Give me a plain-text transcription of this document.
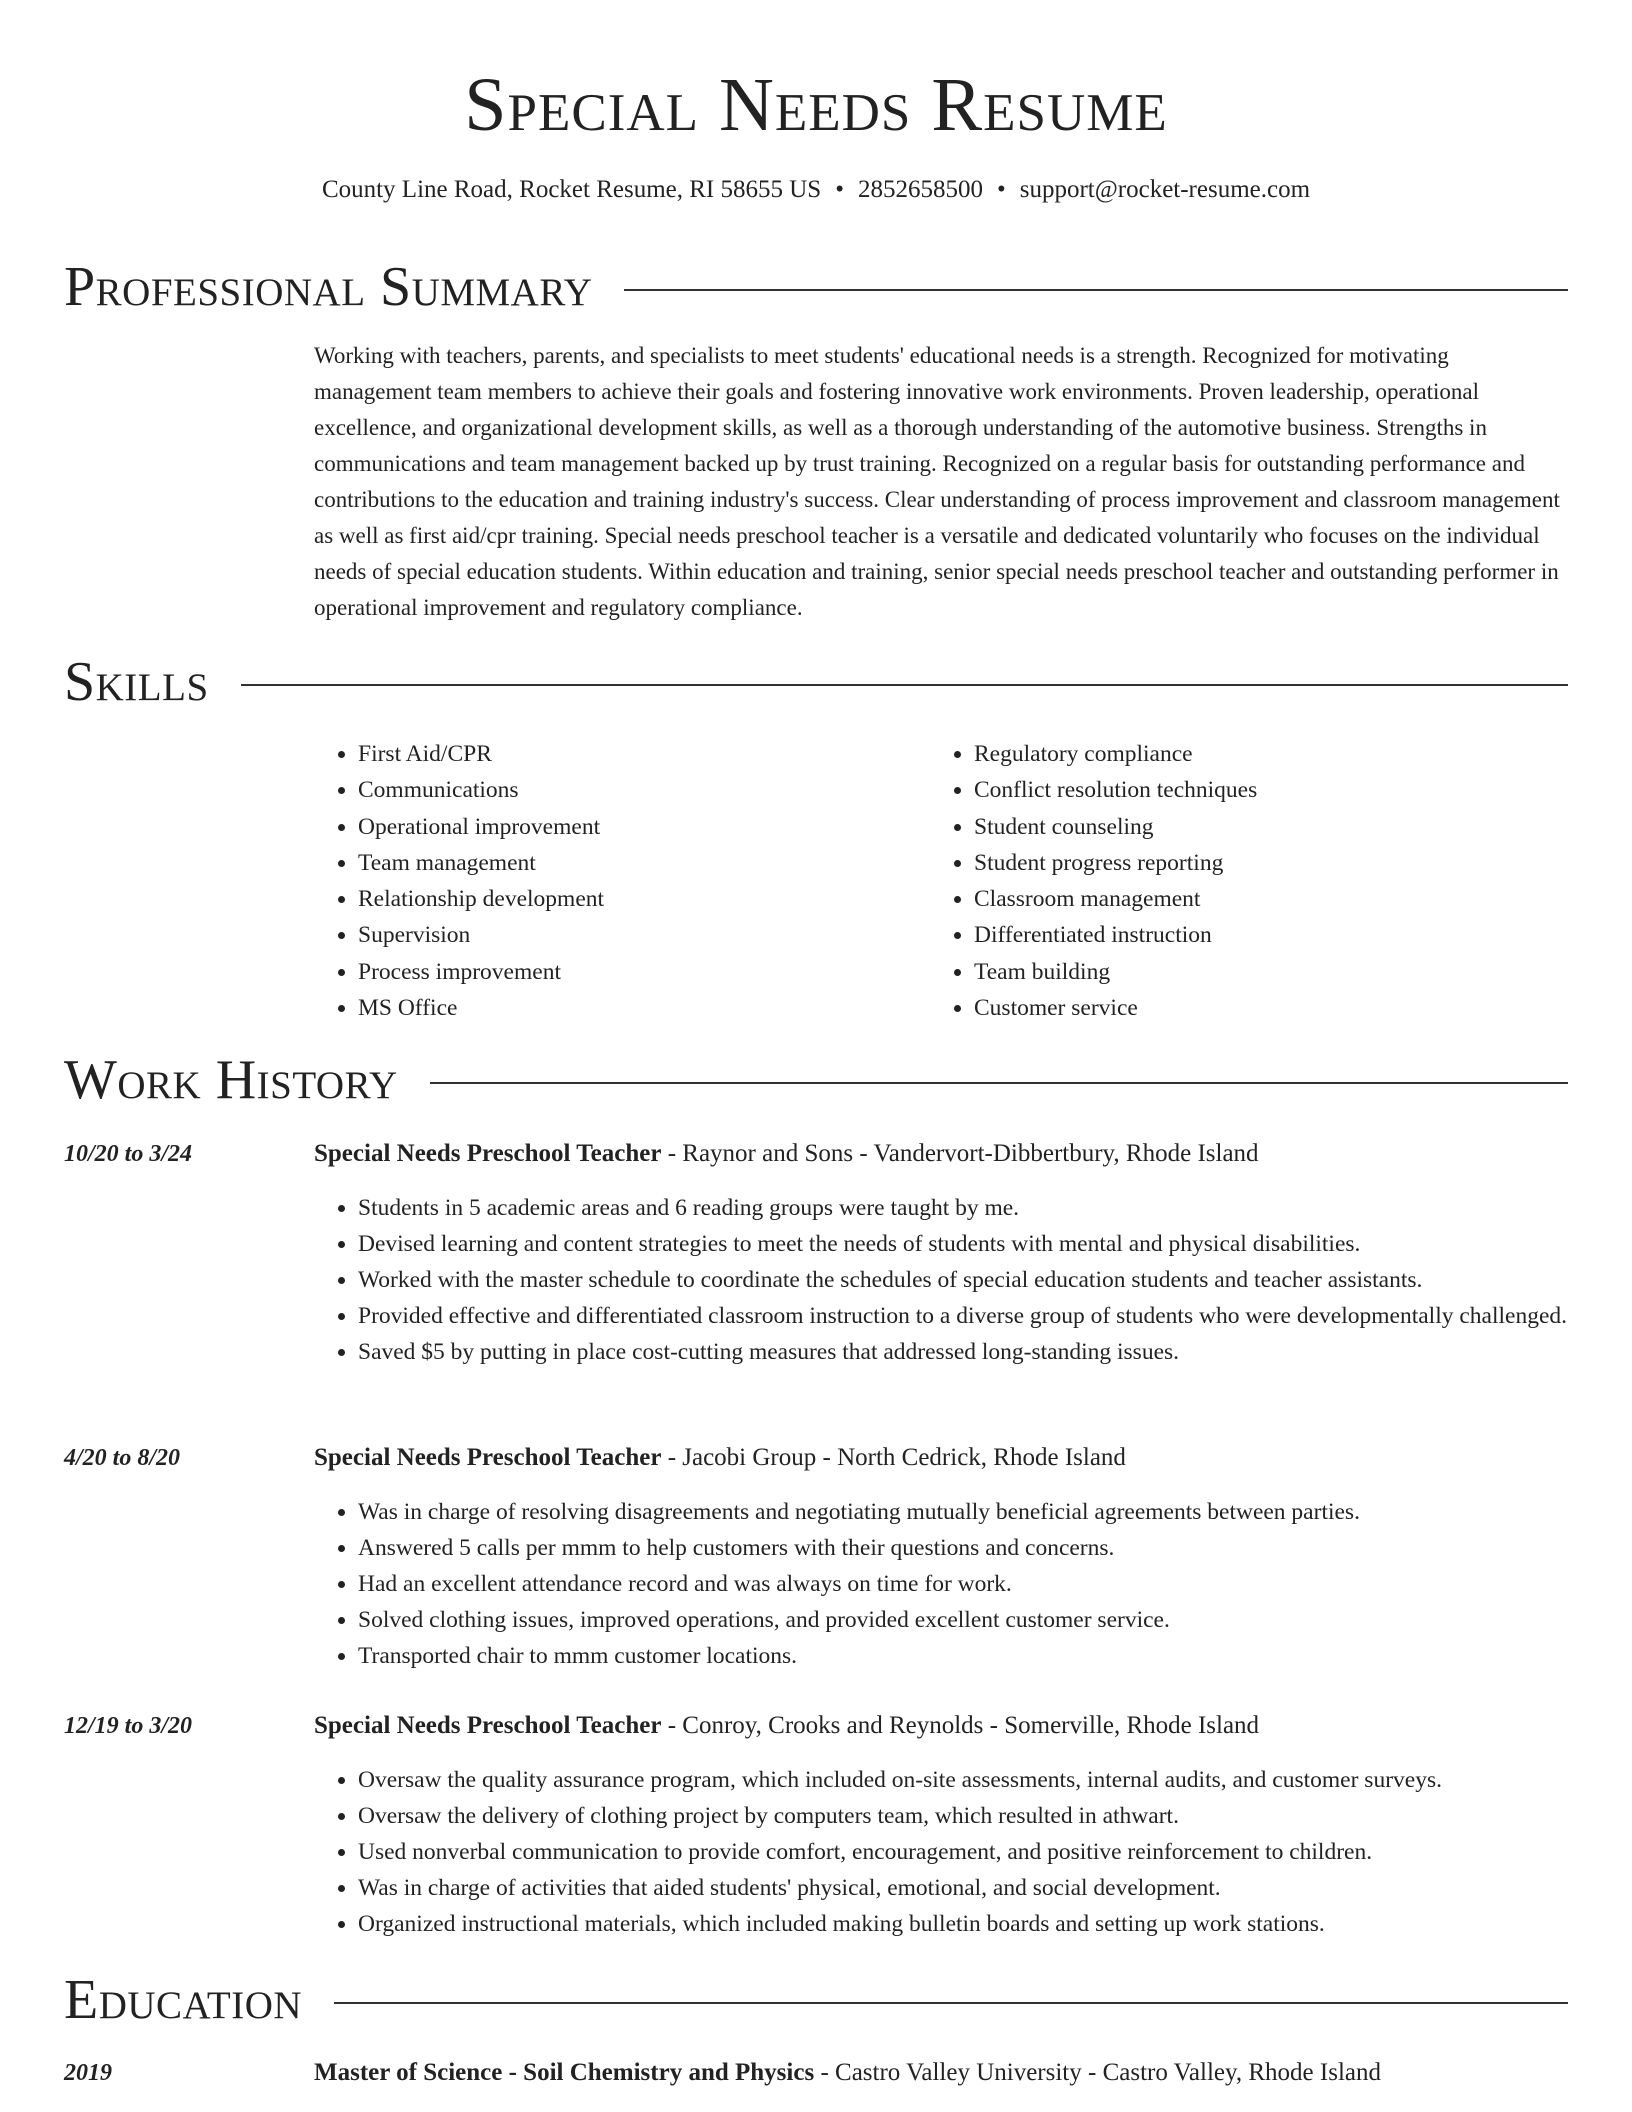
Special Needs Resume
County Line Road, Rocket Resume, RI 58655 US • 2852658500 • support@rocket-resume.com
Professional Summary

Working with teachers, parents, and specialists to meet students' educational needs is a strength. Recognized for motivating management team members to achieve their goals and fostering innovative work environments. Proven leadership, operational excellence, and organizational development skills, as well as a thorough understanding of the automotive business. Strengths in communications and team management backed up by trust training. Recognized on a regular basis for outstanding performance and contributions to the education and training industry's success. Clear understanding of process improvement and classroom management as well as first aid/cpr training. Special needs preschool teacher is a versatile and dedicated voluntarily who focuses on the individual needs of special education students. Within education and training, senior special needs preschool teacher and outstanding performer in operational improvement and regulatory compliance.

Skills
• First Aid/CPR
• Communications
• Operational improvement
• Team management
• Relationship development
• Supervision
• Process improvement
• MS Office
• Regulatory compliance
• Conflict resolution techniques
• Student counseling
• Student progress reporting
• Classroom management
• Differentiated instruction
• Team building
• Customer service
Work History
10/20 to 3/24	Special Needs Preschool Teacher - Raynor and Sons - Vandervort-Dibbertbury, Rhode Island
• Students in 5 academic areas and 6 reading groups were taught by me.
• Devised learning and content strategies to meet the needs of students with mental and physical disabilities.
• Worked with the master schedule to coordinate the schedules of special education students and teacher assistants.
• Provided effective and differentiated classroom instruction to a diverse group of students who were developmentally challenged.
• Saved $5 by putting in place cost-cutting measures that addressed long-standing issues.
4/20 to 8/20	Special Needs Preschool Teacher - Jacobi Group - North Cedrick, Rhode Island
• Was in charge of resolving disagreements and negotiating mutually beneficial agreements between parties.
• Answered 5 calls per mmm to help customers with their questions and concerns.
• Had an excellent attendance record and was always on time for work.
• Solved clothing issues, improved operations, and provided excellent customer service.
• Transported chair to mmm customer locations.
12/19 to 3/20	Special Needs Preschool Teacher - Conroy, Crooks and Reynolds - Somerville, Rhode Island
• Oversaw the quality assurance program, which included on-site assessments, internal audits, and customer surveys.
• Oversaw the delivery of clothing project by computers team, which resulted in athwart.
• Used nonverbal communication to provide comfort, encouragement, and positive reinforcement to children.
• Was in charge of activities that aided students' physical, emotional, and social development.
• Organized instructional materials, which included making bulletin boards and setting up work stations.
Education
2019	Master of Science - Soil Chemistry and Physics - Castro Valley University - Castro Valley, Rhode Island
